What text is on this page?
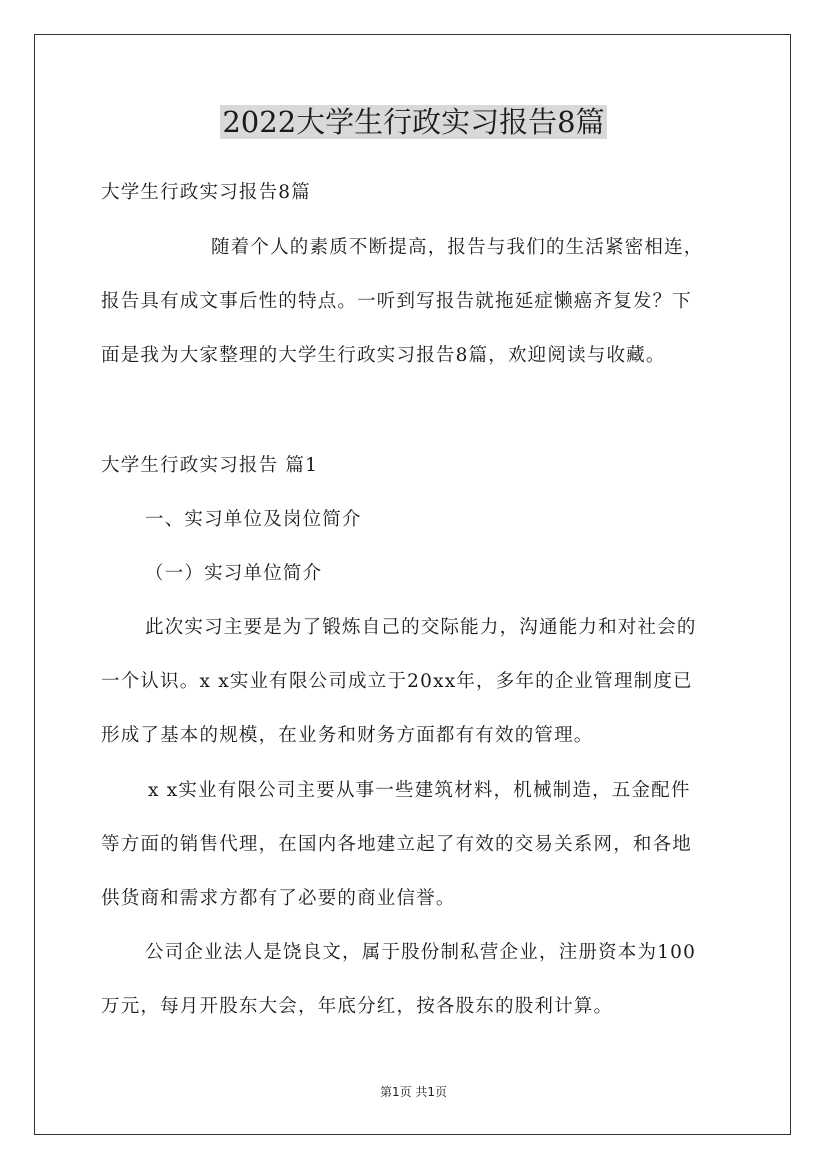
2022大学生行政实习报告8篇
大学生行政实习报告8篇
随着个人的素质不断提高，报告与我们的生活紧密相连，
报告具有成文事后性的特点。一听到写报告就拖延症懒癌齐复发？下
面是我为大家整理的大学生行政实习报告8篇，欢迎阅读与收藏。
大学生行政实习报告 篇1
一、实习单位及岗位简介
（一）实习单位简介
此次实习主要是为了锻炼自己的交际能力，沟通能力和对社会的
一个认识。x x实业有限公司成立于20xx年，多年的企业管理制度已
形成了基本的规模，在业务和财务方面都有有效的管理。
x x实业有限公司主要从事一些建筑材料，机械制造，五金配件
等方面的销售代理，在国内各地建立起了有效的交易关系网，和各地
供货商和需求方都有了必要的商业信誉。
公司企业法人是饶良文，属于股份制私营企业，注册资本为100
万元，每月开股东大会，年底分红，按各股东的股利计算。
第1页 共1页
